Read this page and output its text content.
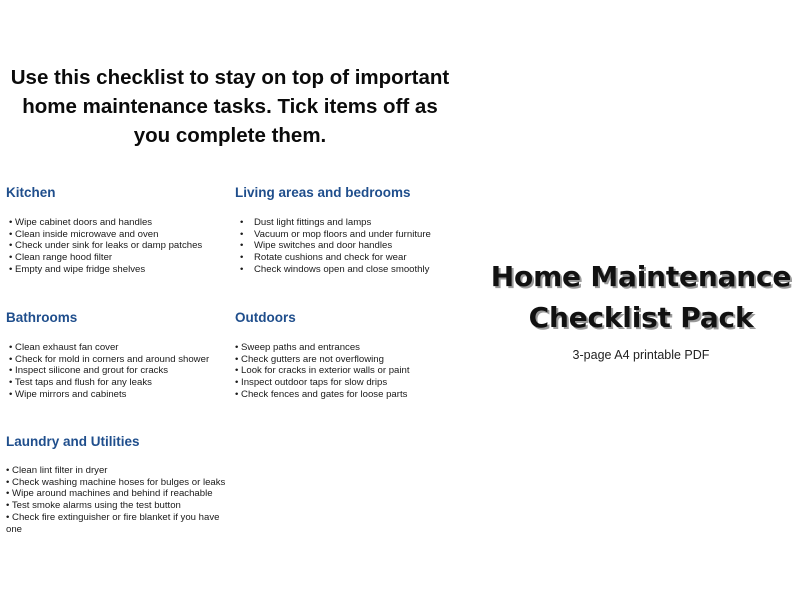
Use this checklist to stay on top of important home maintenance tasks. Tick items off as you complete them.

Kitchen
• Wipe cabinet doors and handles
• Clean inside microwave and oven
• Check under sink for leaks or damp patches
• Clean range hood filter
• Empty and wipe fridge shelves
Living areas and bedrooms
• Dust light fittings and lamps
• Vacuum or mop floors and under furniture
• Wipe switches and door handles
• Rotate cushions and check for wear
• Check windows open and close smoothly
Bathrooms
• Clean exhaust fan cover
• Check for mold in corners and around shower
• Inspect silicone and grout for cracks
• Test taps and flush for any leaks
• Wipe mirrors and cabinets
Outdoors
• Sweep paths and entrances
• Check gutters are not overflowing
• Look for cracks in exterior walls or paint
• Inspect outdoor taps for slow drips
• Check fences and gates for loose parts
Laundry and Utilities
• Clean lint filter in dryer
• Check washing machine hoses for bulges or leaks
• Wipe around machines and behind if reachable
• Test smoke alarms using the test button
• Check fire extinguisher or fire blanket if you have one
Home Maintenance
Checklist Pack

3-page A4 printable PDF
